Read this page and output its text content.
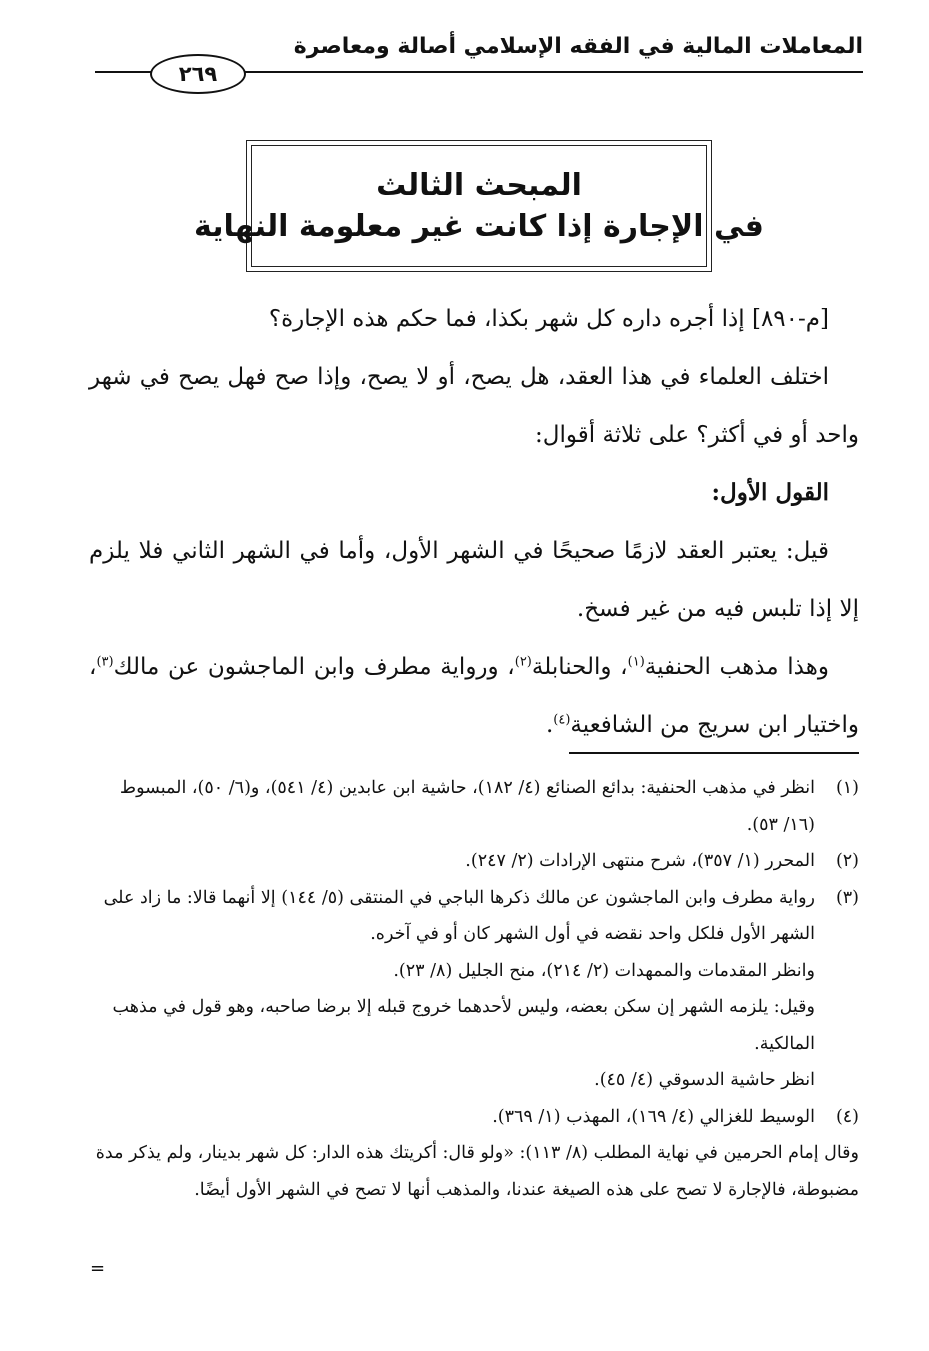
المعاملات المالية في الفقه الإسلامي أصالة ومعاصرة
٢٦٩
المبحث الثالث
في الإجارة إذا كانت غير معلومة النهاية

[م-٨٩٠] إذا أجره داره كل شهر بكذا، فما حكم هذه الإجارة؟

اختلف العلماء في هذا العقد، هل يصح، أو لا يصح، وإذا صح فهل يصح في شهر واحد أو في أكثر؟ على ثلاثة أقوال:

القول الأول:

قيل: يعتبر العقد لازمًا صحيحًا في الشهر الأول، وأما في الشهر الثاني فلا يلزم إلا إذا تلبس فيه من غير فسخ.

وهذا مذهب الحنفية$^{(١)}$، والحنابلة$^{(٢)}$، ورواية مطرف وابن الماجشون عن مالك$^{(٣)}$، واختيار ابن سريج من الشافعية$^{(٤)}$.

(١)

انظر في مذهب الحنفية: بدائع الصنائع (٤/ ١٨٢)، حاشية ابن عابدين (٤/ ٥٤١)، و(٦/ ٥٠)، المبسوط (١٦/ ٥٣).

(٢)

المحرر (١/ ٣٥٧)، شرح منتهى الإرادات (٢/ ٢٤٧).

(٣)

رواية مطرف وابن الماجشون عن مالك ذكرها الباجي في المنتقى (٥/ ١٤٤) إلا أنهما قالا: ما زاد على الشهر الأول فلكل واحد نقضه في أول الشهر كان أو في آخره.

وانظر المقدمات والممهدات (٢/ ٢١٤)، منح الجليل (٨/ ٢٣).

وقيل: يلزمه الشهر إن سكن بعضه، وليس لأحدهما خروج قبله إلا برضا صاحبه، وهو قول في مذهب المالكية.

انظر حاشية الدسوقي (٤/ ٤٥).

(٤)

الوسيط للغزالي (٤/ ١٦٩)، المهذب (١/ ٣٦٩).

وقال إمام الحرمين في نهاية المطلب (٨/ ١١٣): «ولو قال: أكريتك هذه الدار: كل شهر بدينار، ولم يذكر مدة مضبوطة، فالإجارة لا تصح على هذه الصيغة عندنا، والمذهب أنها لا تصح في الشهر الأول أيضًا.

=
